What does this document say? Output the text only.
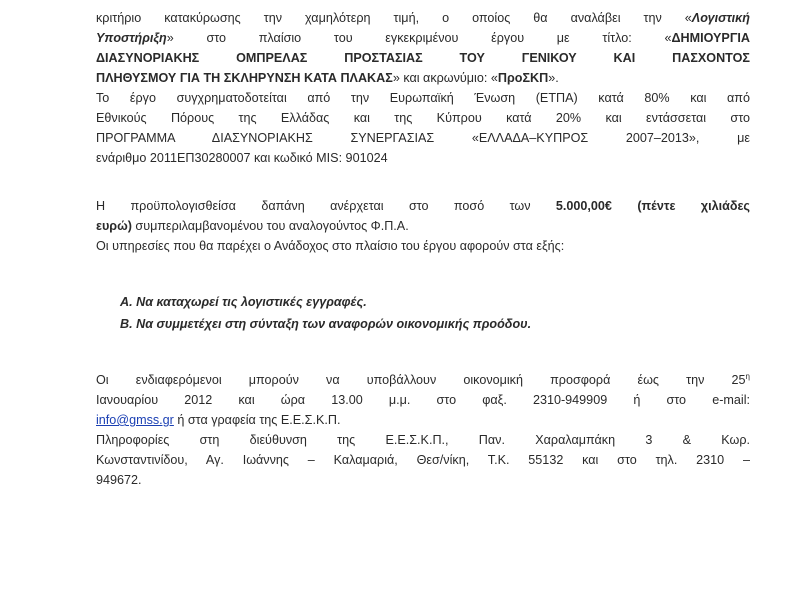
κριτήριο κατακύρωσης την χαμηλότερη τιμή, ο οποίος θα αναλάβει την «Λογιστική
Υποστήριξη» στο πλαίσιο του εγκεκριμένου έργου με τίτλο: «ΔΗΜΙΟΥΡΓΙΑ
ΔΙΑΣΥΝΟΡΙΑΚΗΣ ΟΜΠΡΕΛΑΣ ΠΡΟΣΤΑΣΙΑΣ ΤΟΥ ΓΕΝΙΚΟΥ ΚΑΙ ΠΑΣΧΟΝΤΟΣ
ΠΛΗΘΥΣΜΟΥ ΓΙΑ ΤΗ ΣΚΛΗΡΥΝΣΗ ΚΑΤΑ ΠΛΑΚΑΣ» και ακρωνύμιο: «ΠροΣΚΠ».
Το έργο συγχρηματοδοτείται από την Ευρωπαϊκή Ένωση (ΕΤΠΑ) κατά 80% και από
Εθνικούς Πόρους της Ελλάδας και της Κύπρου κατά 20% και εντάσσεται στο
ΠΡΟΓΡΑΜΜΑ ΔΙΑΣΥΝΟΡΙΑΚΗΣ ΣΥΝΕΡΓΑΣΙΑΣ «ΕΛΛΑΔΑ–ΚΥΠΡΟΣ 2007–2013», με
ενάριθμο 2011ΕΠ30280007 και κωδικό MIS: 901024
Η προϋπολογισθείσα δαπάνη ανέρχεται στο ποσό των 5.000,00€ (πέντε χιλιάδες
ευρώ) συμπεριλαμβανομένου του αναλογούντος Φ.Π.Α.
Οι υπηρεσίες που θα παρέχει ο Ανάδοχος στο πλαίσιο του έργου αφορούν στα εξής:
Α. Να καταχωρεί τις λογιστικές εγγραφές.
Β. Να συμμετέχει στη σύνταξη των αναφορών οικονομικής προόδου.
Οι ενδιαφερόμενοι μπορούν να υποβάλλουν οικονομική προσφορά έως την $25^\eta$
Ιανουαρίου 2012 και ώρα 13.00 μ.μ. στο φαξ. 2310-949909 ή στο e-mail:
info@gmss.gr ή στα γραφεία της Ε.Ε.Σ.Κ.Π.
Πληροφορίες στη διεύθυνση της Ε.Ε.Σ.Κ.Π., Παν. Χαραλαμπάκη 3 & Κωρ.
Κωνσταντινίδου, Αγ. Ιωάννης – Καλαμαριά, Θεσ/νίκη, Τ.Κ. 55132 και στο τηλ. 2310 –
949672.
